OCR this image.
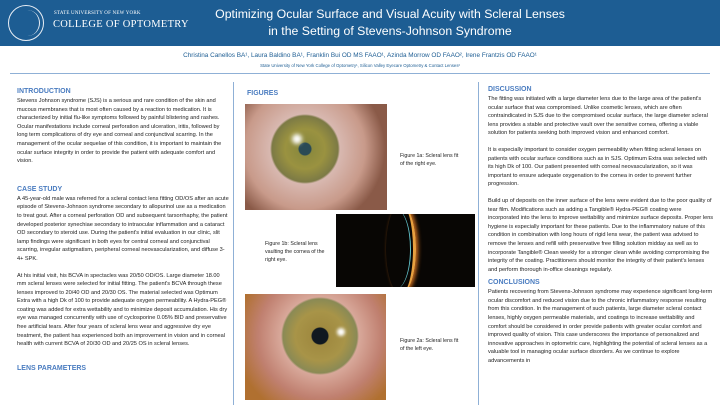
STATE UNIVERSITY OF NEW YORK
COLLEGE OF OPTOMETRY
Optimizing Ocular Surface and Visual Acuity with Scleral Lenses
in the Setting of Stevens-Johnson Syndrome
Christina Canellos BA¹, Laura Baldino BA¹, Franklin Bui OD MS FAAO¹, Azinda Morrow OD FAAO², Irene Frantzis OD FAAO¹
State University of New York College of Optometry¹, Silicon Valley Eyecare Optometry & Contact Lenses²
INTRODUCTION

Stevens Johnson syndrome (SJS) is a serious and rare condition of the skin and mucous membranes that is most often caused by a reaction to medication. It is characterized by initial flu-like symptoms followed by painful blistering and rashes. Ocular manifestations include corneal perforation and ulceration, iritis, followed by long term complications of dry eye and corneal and conjunctival scarring. In the management of the ocular sequelae of this condition, it is important to maintain the ocular surface integrity in order to provide the patient with adequate comfort and vision.

CASE STUDY

A 45-year-old male was referred for a scleral contact lens fitting OD/OS after an acute episode of Stevens-Johnson syndrome secondary to allopurinol use as a medication to treat gout. After a corneal perforation OD and subsequent tarsorrhaphy, the patient developed posterior synechiae secondary to intraocular inflammation and a cataract OD secondary to steroid use. During the patient's initial evaluation in our clinic, slit lamp findings were significant in both eyes for central corneal and conjunctival scarring, irregular astigmatism, peripheral corneal neovascularization, and diffuse 3-4+ SPK.

At his initial visit, his BCVA in spectacles was 20/50 OD/OS. Large diameter 18.00 mm scleral lenses were selected for initial fitting. The patient's BCVA through these lenses improved to 20/40 OD and 20/30 OS. The material selected was Optimum Extra with a high Dk of 100 to provide adequate oxygen permeability. A Hydra-PEG® coating was added for extra wettability and to minimize deposit accumulation. His dry eye was managed concurrently with use of cyclosporine 0.05% BID and preservative free artificial tears. After four years of scleral lens wear and aggressive dry eye treatment, the patient has experienced both an improvement in vision and in corneal health with current BCVA of 20/30 OD and 20/25 OS in scleral lenses.

LENS PARAMETERS
FIGURES
Figure 1a: Scleral lens fit of the right eye.
Figure 1b: Scleral lens vaulting the cornea of the right eye.
Figure 2a: Scleral lens fit of the left eye.
DISCUSSION

The fitting was initiated with a large diameter lens due to the large area of the patient's ocular surface that was compromised. Unlike cosmetic lenses, which are often contraindicated in SJS due to the compromised ocular surface, the large diameter scleral lens provides a stable and protective vault over the sensitive cornea, offering a viable solution for patients seeking both improved vision and enhanced comfort.

It is especially important to consider oxygen permeability when fitting scleral lenses on patients with ocular surface conditions such as in SJS. Optimum Extra was selected with its high Dk of 100. Our patient presented with corneal neovascularization, so it was important to ensure adequate oxygenation to the cornea in order to prevent further progression.

Build up of deposits on the inner surface of the lens were evident due to the poor quality of tear film. Modifications such as adding a Tangible® Hydra-PEG® coating were incorporated into the lens to improve wettability and minimize surface deposits. Proper lens hygiene is especially important for these patients. Due to the inflammatory nature of this condition in combination with long hours of rigid lens wear, the patient was advised to remove the lenses and refill with preservative free filling solution midday as well as to incorporate Tangible® Clean weekly for a stronger clean while avoiding compromising the integrity of the coating. Practitioners should monitor the integrity of their patient's lenses and perform thorough in-office cleanings regularly.

CONCLUSIONS

Patients recovering from Stevens-Johnson syndrome may experience significant long-term ocular discomfort and reduced vision due to the chronic inflammatory response resulting from this condition. In the management of such patients, large diameter scleral contact lenses, highly oxygen permeable materials, and coatings to increase wettability and comfort should be considered in order provide patients with greater ocular comfort and improved quality of vision. This case underscores the importance of personalized and innovative approaches in optometric care, highlighting the potential of scleral lenses as a valuable tool in managing ocular surface disorders. As we continue to explore advancements in
